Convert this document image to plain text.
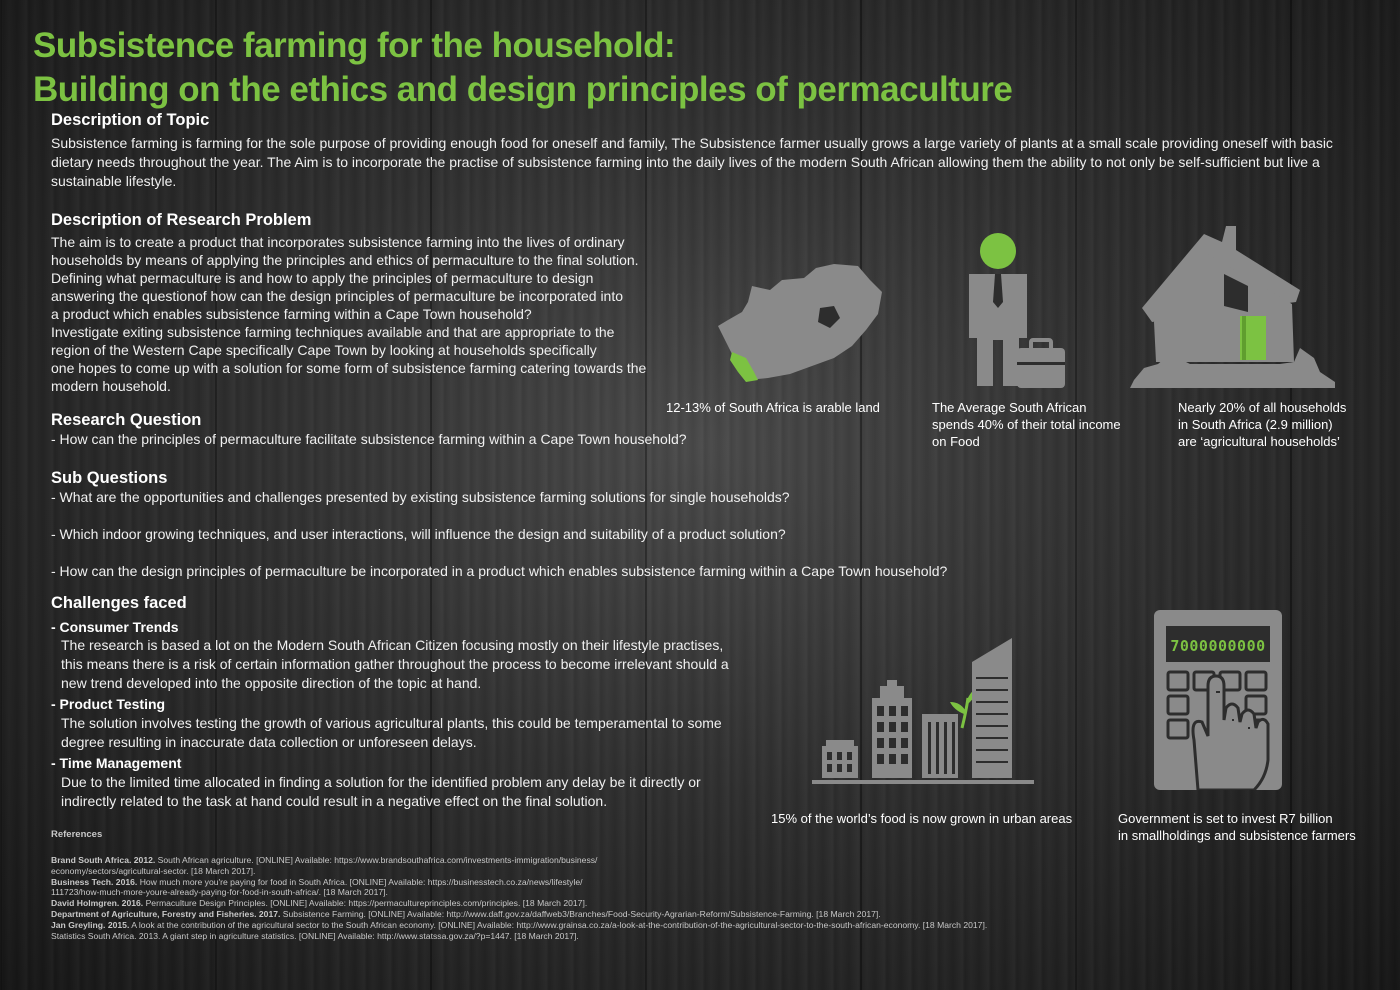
Subsistence farming for the household:
Building on the ethics and design principles of permaculture
Description of Topic

Subsistence farming is farming for the sole purpose of providing enough food for oneself and family, The Subsistence farmer usually grows a large variety of plants at a small scale providing oneself with basic dietary needs throughout the year. The Aim is to incorporate the practise of subsistence farming into the daily lives of the modern South African allowing them the ability to not only be self-sufficient but live a sustainable lifestyle.

Description of Research Problem
The aim is to create a product that incorporates subsistence farming into the lives of ordinary
households by means of applying the principles and ethics of permaculture to the final solution.
Defining what permaculture is and how to apply the principles of permaculture to design
answering the questionof how can the design principles of permaculture be incorporated into
a product which enables subsistence farming within a Cape Town household?
Investigate exiting subsistence farming techniques available and that are appropriate to the
region of the Western Cape specifically Cape Town by looking at households specifically
one hopes to come up with a solution for some form of subsistence farming catering towards the
modern household.
Research Question

- How can the principles of permaculture facilitate subsistence farming within a Cape Town household?

Sub Questions

- What are the opportunities and challenges presented by existing subsistence farming solutions for single households?

- Which indoor growing techniques, and user interactions, will influence the design and suitability of a product solution?

- How can the design principles of permaculture be incorporated in a product which enables subsistence farming within a Cape Town household?

Challenges faced

- Consumer Trends

The research is based a lot on the Modern South African Citizen focusing mostly on their lifestyle practises,
this means there is a risk of certain information gather throughout the process to become irrelevant should a
new trend developed into the opposite direction of the topic at hand.

- Product Testing

The solution involves testing the growth of various agricultural plants, this could be temperamental to some
degree resulting in inaccurate data collection or unforeseen delays.

- Time Management

Due to the limited time allocated in finding a solution for the identified problem any delay be it directly or
indirectly related to the task at hand could result in a negative effect on the final solution.

References

Brand South Africa. 2012. South African agriculture. [ONLINE] Available: https://www.brandsouthafrica.com/investments-immigration/business/
economy/sectors/agricultural-sector. [18 March 2017].
Business Tech. 2016. How much more you're paying for food in South Africa. [ONLINE] Available: https://businesstech.co.za/news/lifestyle/
111723/how-much-more-youre-already-paying-for-food-in-south-africa/. [18 March 2017].
David Holmgren. 2016. Permaculture Design Principles. [ONLINE] Available: https://permacultureprinciples.com/principles. [18 March 2017].
Department of Agriculture, Forestry and Fisheries. 2017. Subsistence Farming. [ONLINE] Available: http://www.daff.gov.za/daffweb3/Branches/Food-Security-Agrarian-Reform/Subsistence-Farming. [18 March 2017].
Jan Greyling. 2015. A look at the contribution of the agricultural sector to the South African economy. [ONLINE] Available: http://www.grainsa.co.za/a-look-at-the-contribution-of-the-agricultural-sector-to-the-south-african-economy. [18 March 2017].
Statistics South Africa. 2013. A giant step in agriculture statistics. [ONLINE] Available: http://www.statssa.gov.za/?p=1447. [18 March 2017].
12-13% of South Africa is arable land	The Average South African
spends 40% of their total income
on Food
Nearly 20% of all households
in South Africa (2.9 million)
are ‘agricultural households’
15% of the world’s food is now grown in urban areas
7000000000
Government is set to invest R7 billion
in smallholdings and subsistence farmers
